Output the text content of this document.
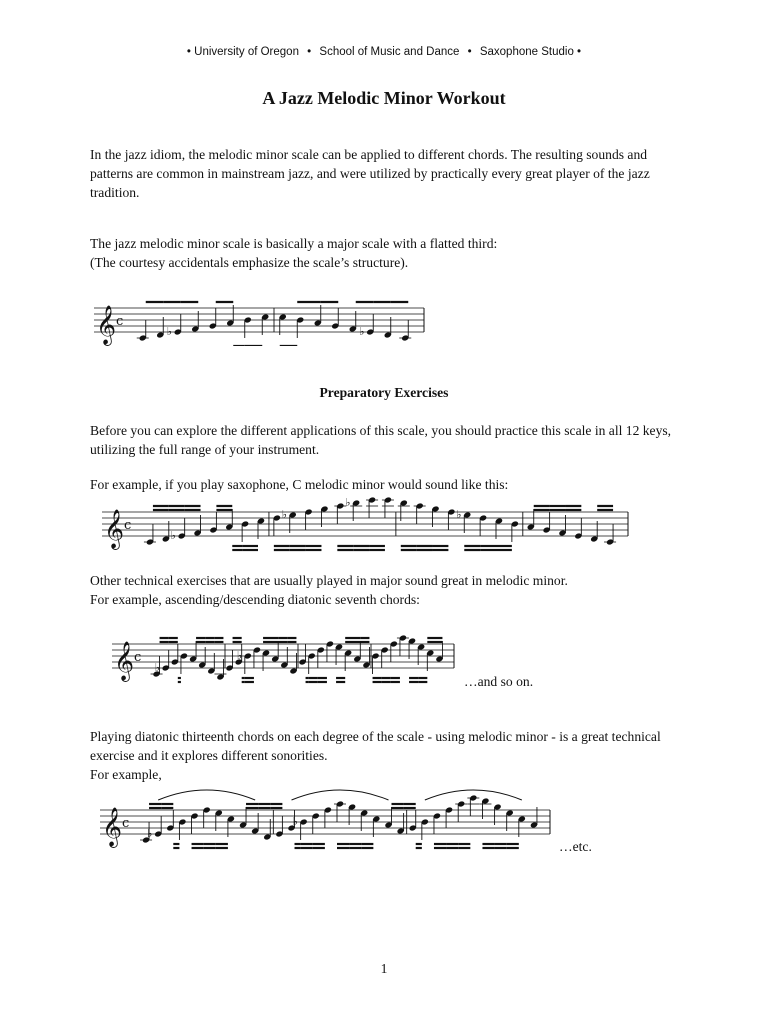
• University of Oregon • School of Music and Dance • Saxophone Studio •
A Jazz Melodic Minor Workout

In the jazz idiom, the melodic minor scale can be applied to different chords. The resulting sounds and patterns are common in mainstream jazz, and were utilized by practically every great player of the jazz tradition.

The jazz melodic minor scale is basically a major scale with a flatted third:
(The courtesy accidentals emphasize the scale’s structure).
𝄞 c
♭	♭
Preparatory Exercises

Before you can explore the different applications of this scale, you should practice this scale in all 12 keys, utilizing the full range of your instrument.

For example, if you play saxophone, C melodic minor would sound like this:

𝄞 c
♭
♭
♭
♭
Other technical exercises that are usually played in major sound great in melodic minor.
For example, ascending/descending diatonic seventh chords:
𝄞 c
♭
♭
…and so on.
Playing diatonic thirteenth chords on each degree of the scale - using melodic minor - is a great technical exercise and it explores different sonorities.
For example,
𝄞 c
♭
♭
…etc.
1
